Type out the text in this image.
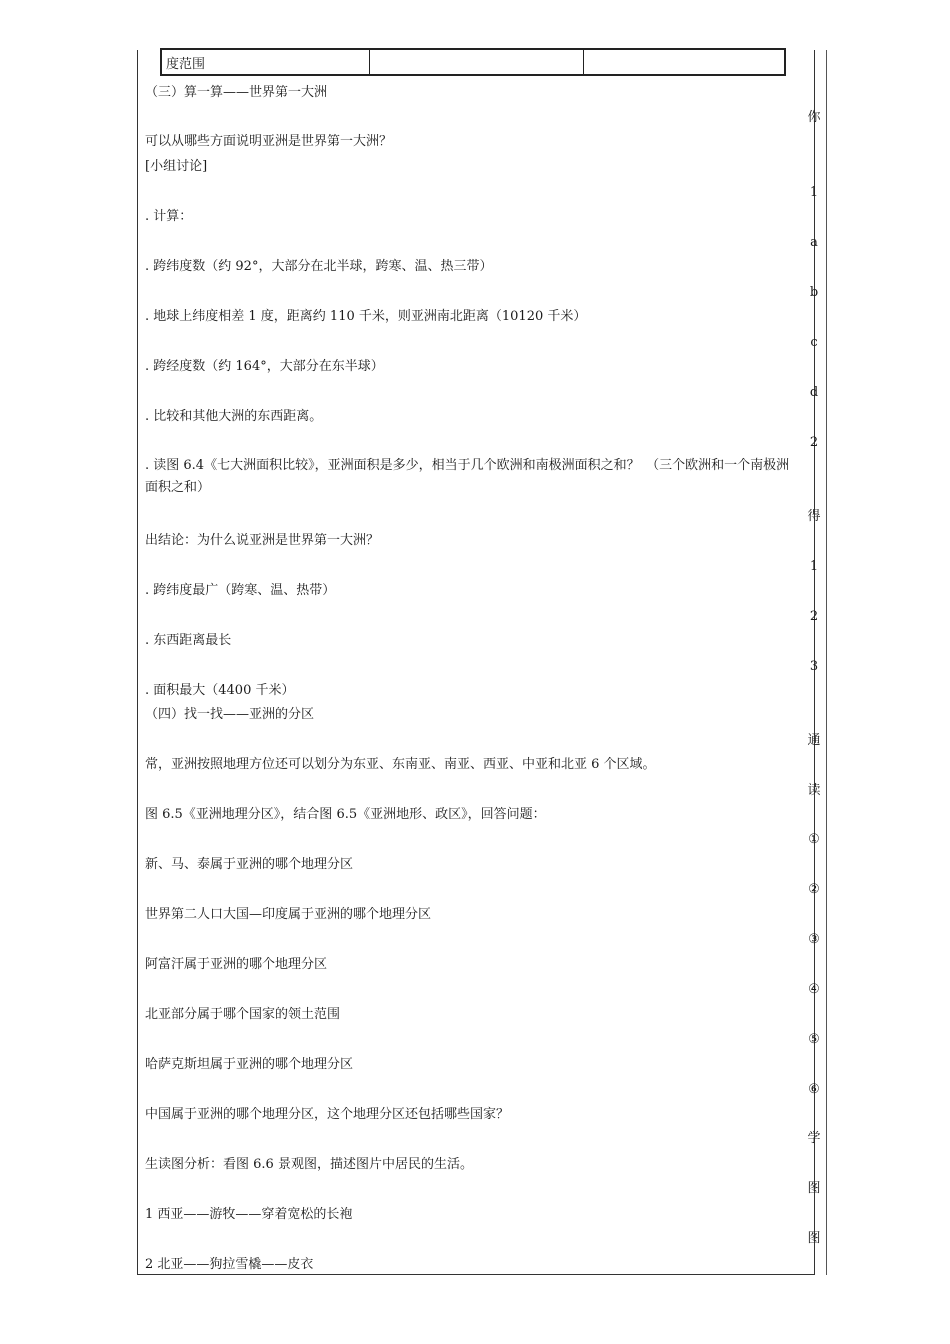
度范围
（三）算一算——世界第一大洲
可以从哪些方面说明亚洲是世界第一大洲？
[小组讨论]
. 计算：
. 跨纬度数（约 92°，大部分在北半球，跨寒、温、热三带）
. 地球上纬度相差 1 度，距离约 110 千米，则亚洲南北距离（10120 千米）
. 跨经度数（约 164°，大部分在东半球）
. 比较和其他大洲的东西距离。
. 读图 6.4《七大洲面积比较》，亚洲面积是多少，相当于几个欧洲和南极洲面积之和？　（三个欧洲和一个南极洲面积之和）
出结论：为什么说亚洲是世界第一大洲？
. 跨纬度最广（跨寒、温、热带）
. 东西距离最长
. 面积最大（4400 千米）
（四）找一找——亚洲的分区
常，亚洲按照地理方位还可以划分为东亚、东南亚、南亚、西亚、中亚和北亚 6 个区域。
图 6.5《亚洲地理分区》，结合图 6.5《亚洲地形、政区》，回答问题：
新、马、泰属于亚洲的哪个地理分区
世界第二人口大国—印度属于亚洲的哪个地理分区
阿富汗属于亚洲的哪个地理分区
北亚部分属于哪个国家的领土范围
哈萨克斯坦属于亚洲的哪个地理分区
中国属于亚洲的哪个地理分区，这个地理分区还包括哪些国家？
生读图分析：看图 6.6 景观图，描述图片中居民的生活。
1 西亚——游牧——穿着宽松的长袍
2 北亚——狗拉雪橇——皮衣
你
1
a
b
c
d
2
得
1
2
3
通
读
①
②
③
④
⑤
⑥
学
图
图
